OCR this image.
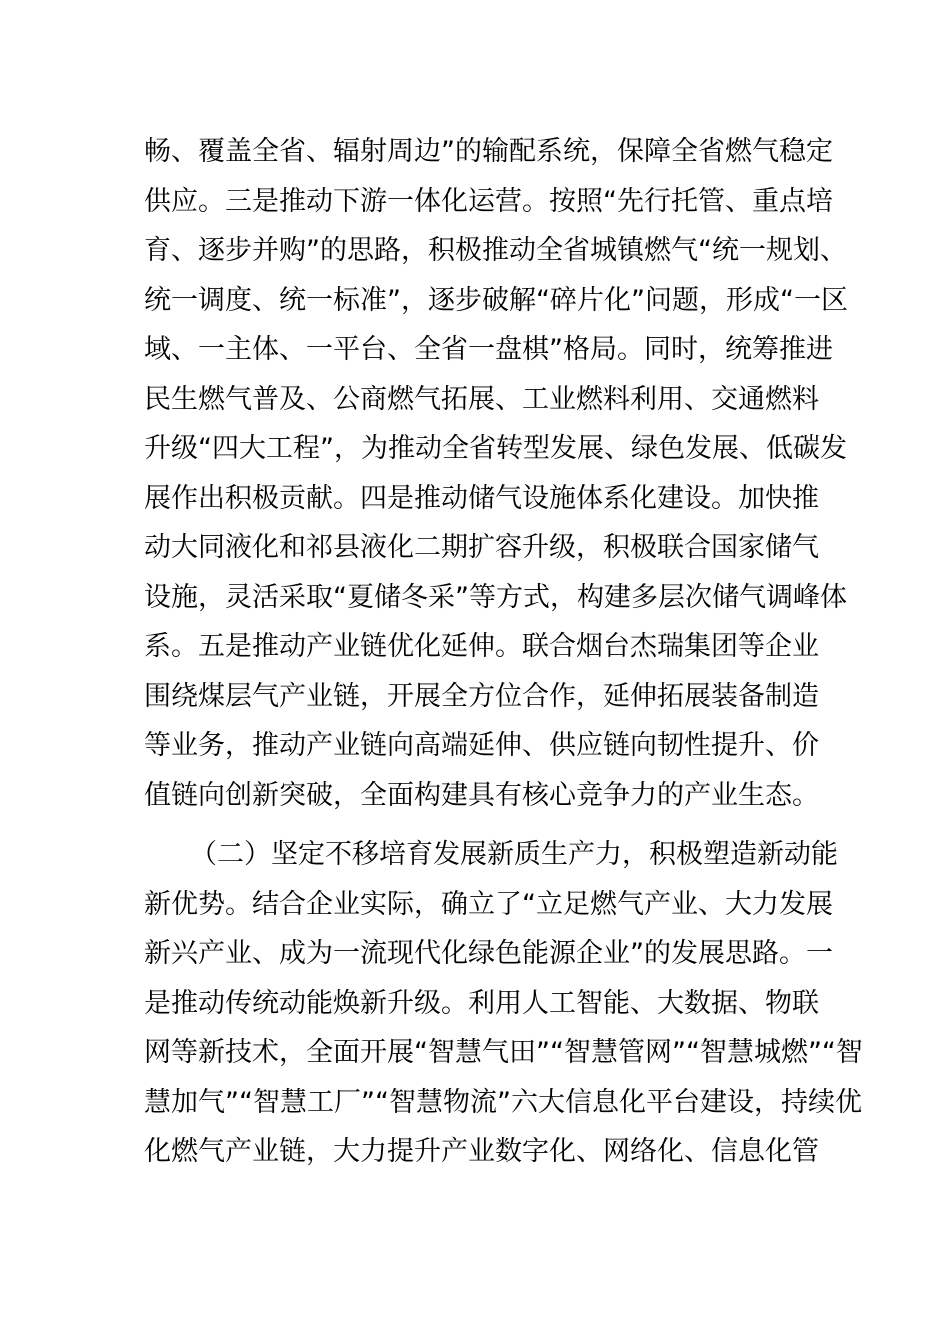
畅、覆盖全省、辐射周边”的输配系统，保障全省燃气稳定
供应。三是推动下游一体化运营。按照“先行托管、重点培
育、逐步并购”的思路，积极推动全省城镇燃气“统一规划、
统一调度、统一标准”，逐步破解“碎片化”问题，形成“一区
域、一主体、一平台、全省一盘棋”格局。同时，统筹推进
民生燃气普及、公商燃气拓展、工业燃料利用、交通燃料
升级“四大工程”，为推动全省转型发展、绿色发展、低碳发
展作出积极贡献。四是推动储气设施体系化建设。加快推
动大同液化和祁县液化二期扩容升级，积极联合国家储气
设施，灵活采取“夏储冬采”等方式，构建多层次储气调峰体
系。五是推动产业链优化延伸。联合烟台杰瑞集团等企业
围绕煤层气产业链，开展全方位合作，延伸拓展装备制造
等业务，推动产业链向高端延伸、供应链向韧性提升、价
值链向创新突破，全面构建具有核心竞争力的产业生态。
（二）坚定不移培育发展新质生产力，积极塑造新动能
新优势。结合企业实际，确立了“立足燃气产业、大力发展
新兴产业、成为一流现代化绿色能源企业”的发展思路。一
是推动传统动能焕新升级。利用人工智能、大数据、物联
网等新技术，全面开展“智慧气田”“智慧管网”“智慧城燃”“智
慧加气”“智慧工厂”“智慧物流”六大信息化平台建设，持续优
化燃气产业链，大力提升产业数字化、网络化、信息化管
